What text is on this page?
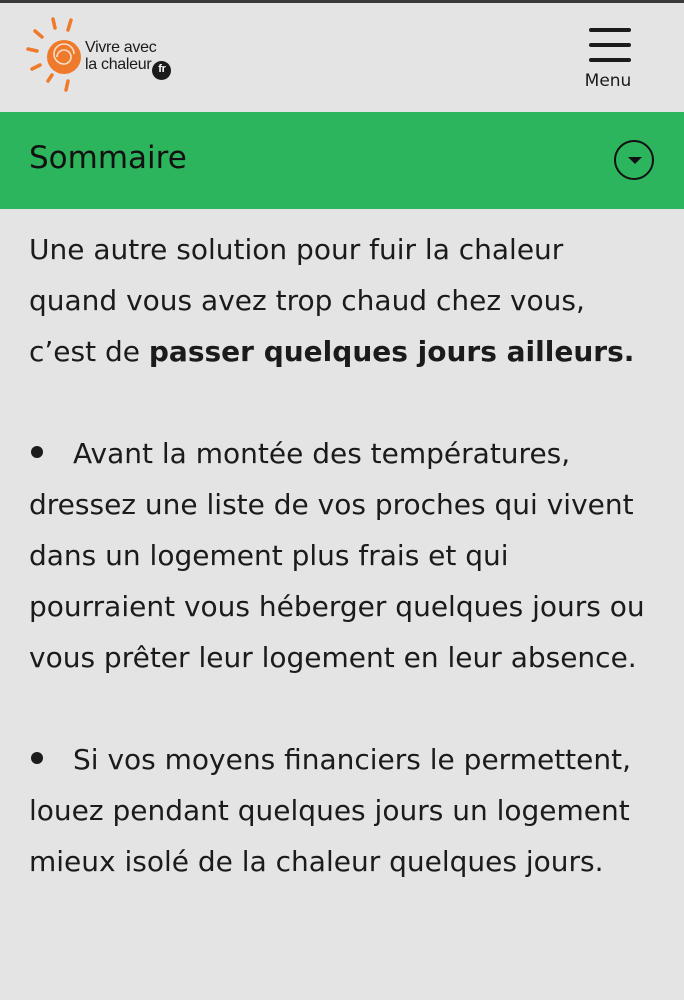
Vivre avec
la chaleur fr
Menu
Sommaire

Une autre solution pour fuir la chaleur quand vous avez trop chaud chez vous, c’est de passer quelques jours ailleurs.

Avant la montée des températures, dressez une liste de vos proches qui vivent dans un logement plus frais et qui pourraient vous héberger quelques jours ou vous prêter leur logement en leur absence.

Si vos moyens financiers le permettent, louez pendant quelques jours un logement mieux isolé de la chaleur quelques jours.
